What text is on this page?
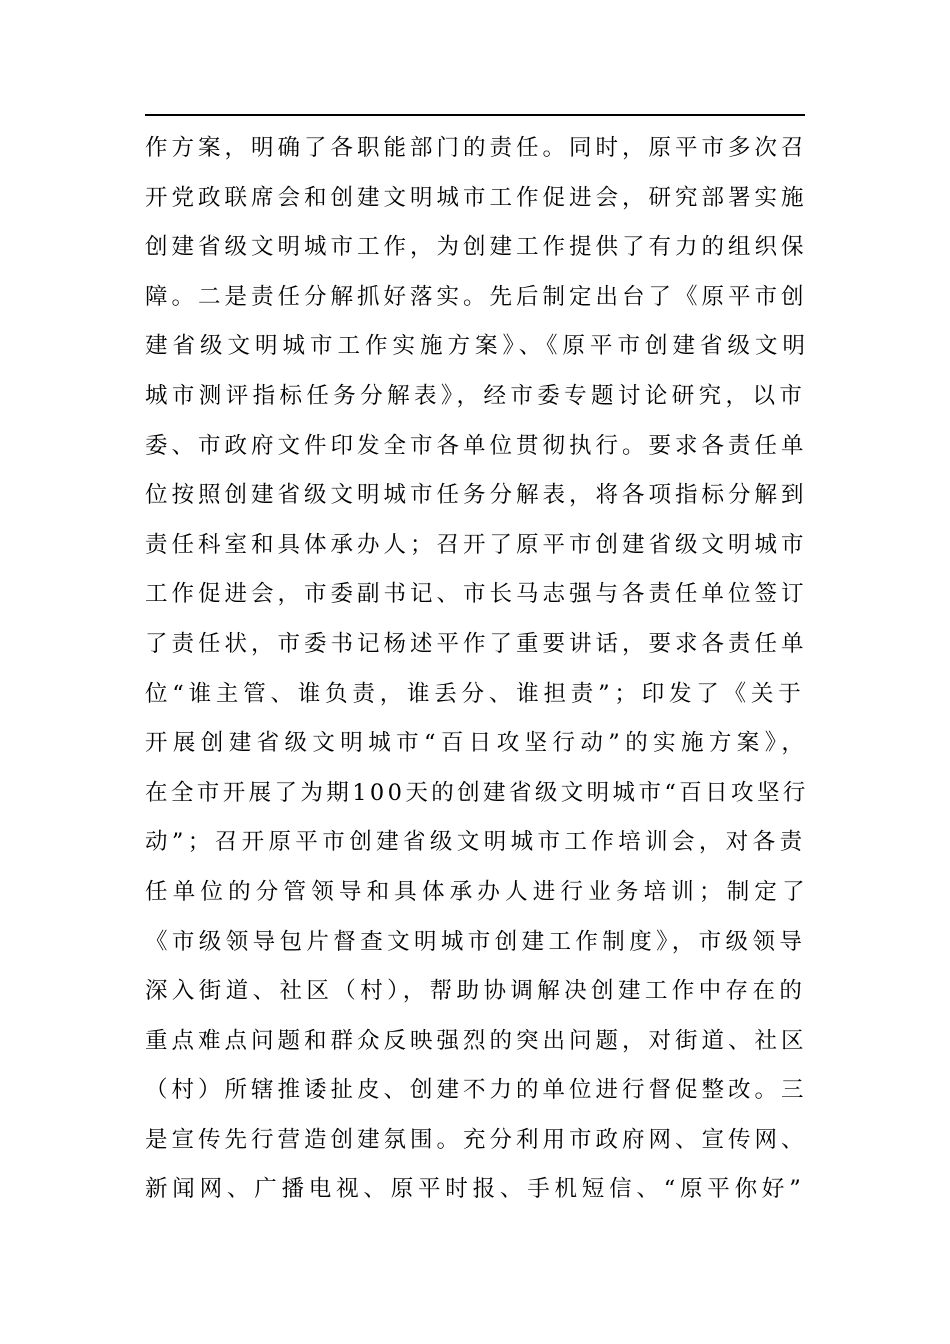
作方案，明确了各职能部门的责任。同时，原平市多次召
开党政联席会和创建文明城市工作促进会，研究部署实施
创建省级文明城市工作，为创建工作提供了有力的组织保
障。二是责任分解抓好落实。先后制定出台了《原平市创
建省级文明城市工作实施方案》、《原平市创建省级文明
城市测评指标任务分解表》，经市委专题讨论研究，以市
委、市政府文件印发全市各单位贯彻执行。要求各责任单
位按照创建省级文明城市任务分解表，将各项指标分解到
责任科室和具体承办人；召开了原平市创建省级文明城市
工作促进会，市委副书记、市长马志强与各责任单位签订
了责任状，市委书记杨述平作了重要讲话，要求各责任单
位“谁主管、谁负责，谁丢分、谁担责”；印发了《关于
开展创建省级文明城市“百日攻坚行动”的实施方案》，
在全市开展了为期100天的创建省级文明城市“百日攻坚行
动”；召开原平市创建省级文明城市工作培训会，对各责
任单位的分管领导和具体承办人进行业务培训；制定了
《市级领导包片督查文明城市创建工作制度》，市级领导
深入街道、社区（村），帮助协调解决创建工作中存在的
重点难点问题和群众反映强烈的突出问题，对街道、社区
（村）所辖推诿扯皮、创建不力的单位进行督促整改。三
是宣传先行营造创建氛围。充分利用市政府网、宣传网、
新闻网、广播电视、原平时报、手机短信、“原平你好”
